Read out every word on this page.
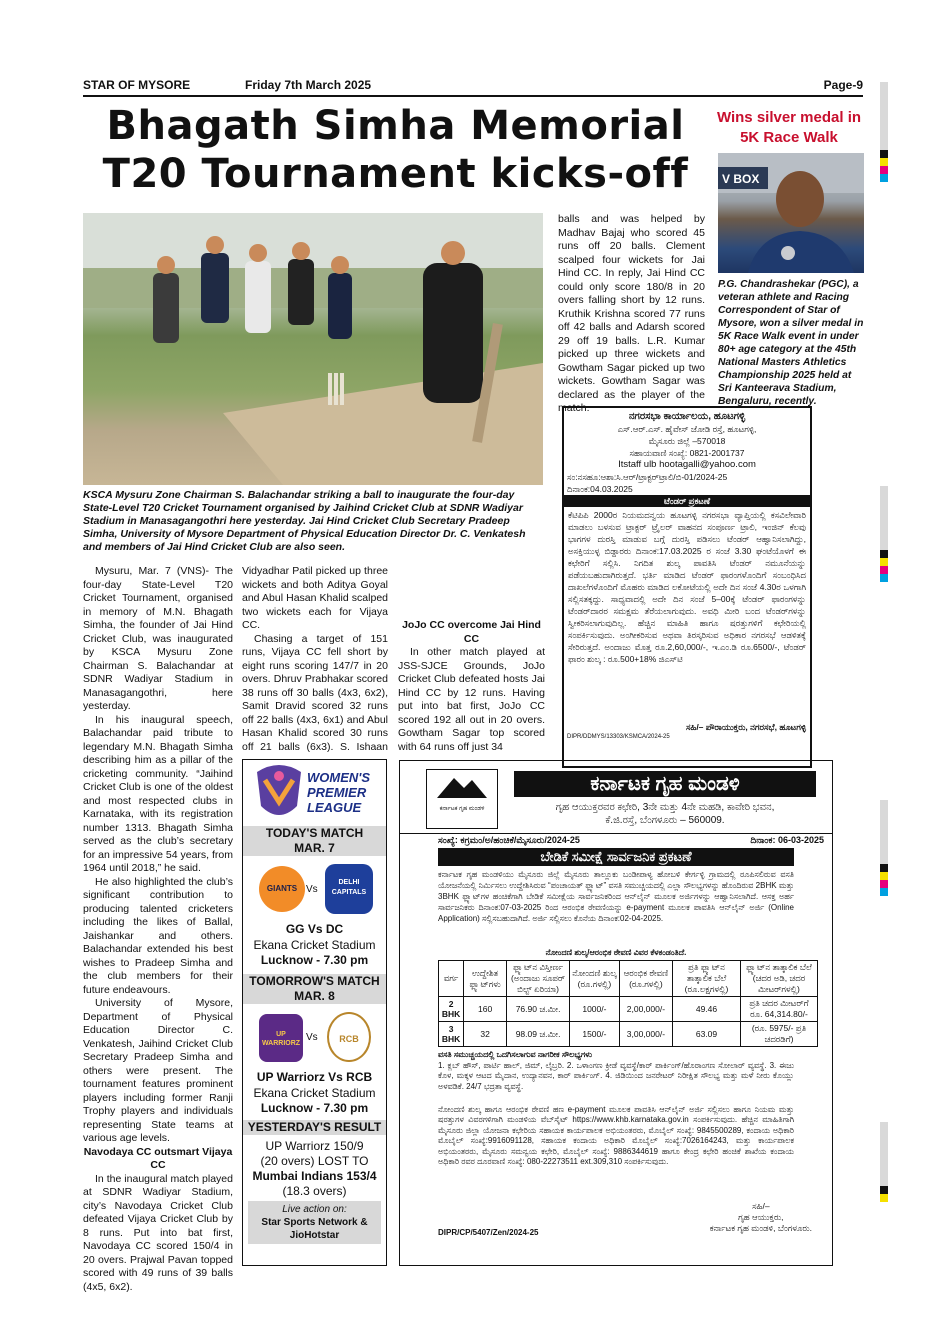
STAR OF MYSORE	Friday 7th March 2025	Page-9
Bhagath Simha Memorial
T20 Tournament kicks-off
KSCA Mysuru Zone Chairman S. Balachandar striking a ball to inaugurate the four-day State-Level T20 Cricket Tournament organised by Jaihind Cricket Club at SDNR Wadiyar Stadium in Manasagangothri here yesterday. Jai Hind Cricket Club Secretary Pradeep Simha, University of Mysore Department of Physical Education Director Dr. C. Venkatesh and members of Jai Hind Cricket Club are also seen.

Mysuru, Mar. 7 (VNS)- The four-day State-Level T20 Cricket Tournament, organised in memory of M.N. Bhagath Simha, the founder of Jai Hind Cricket Club, was inaugurated by KSCA Mysuru Zone Chairman S. Balachandar at SDNR Wadiyar Stadium in Manasagangothri, here yesterday.

In his inaugural speech, Balachandar paid tribute to legendary M.N. Bhagath Simha describing him as a pillar of the cricketing community. “Jaihind Cricket Club is one of the oldest and most respected clubs in Karnataka, with its registration number 1313. Bhagath Simha served as the club’s secretary for an impressive 54 years, from 1964 until 2018,” he said.

He also highlighted the club’s significant contribution to producing talented cricketers including the likes of Ballal, Jaishankar and others. Balachandar extended his best wishes to Pradeep Simha and the club members for their future endeavours.

University of Mysore, Department of Physical Education Director C. Venkatesh, Jaihind Cricket Club Secretary Pradeep Simha and others were present. The tournament features prominent players including former Ranji Trophy players and individuals representing State teams at various age levels.

Navodaya CC outsmart Vijaya CC

In the inaugural match played at SDNR Wadiyar Stadium, city’s Navodaya Cricket Club defeated Vijaya Cricket Club by 8 runs. Put into bat first, Navodaya CC scored 150/4 in 20 overs. Prajwal Pavan topped scored with 49 runs of 39 balls (4x5, 6x2).

Vidyadhar Patil picked up three wickets and both Aditya Goyal and Abul Hasan Khalid scalped two wickets each for Vijaya CC.

Chasing a target of 151 runs, Vijaya CC fell short by eight runs scoring 147/7 in 20 overs. Dhruv Prabhakar scored 38 runs off 30 balls (4x3, 6x2), Samit Dravid scored 32 runs off 22 balls (4x3, 6x1) and Abul Hasan Khalid scored 30 runs off 21 balls (6x3). S. Ishaan

JoJo CC overcome Jai Hind CC

In other match played at JSS-SJCE Grounds, JoJo Cricket Club defeated hosts Jai Hind CC by 12 runs. Having put into bat first, JoJo CC scored 192 all out in 20 overs. Gowtham Sagar top scored with 64 runs off just 34

balls and was helped by Madhav Bajaj who scored 45 runs off 20 balls. Clement scalped four wickets for Jai Hind CC. In reply, Jai Hind CC could only score 180/8 in 20 overs falling short by 12 runs. Kruthik Krishna scored 77 runs off 42 balls and Adarsh scored 29 off 19 balls. L.R. Kumar picked up three wickets and Gowtham Sagar picked up two wickets. Gowtham Sagar was declared as the player of the match.

Wins silver medal in 5K Race Walk
V BOX
P.G. Chandrashekar (PGC), a veteran athlete and Racing Correspondent of Star of Mysore, won a silver medal in 5K Race Walk event in under 80+ age category at the 45th National Masters Athletics Championship 2025 held at Sri Kanteerava Stadium, Bengaluru, recently.
ನಗರಸಭಾ ಕಾರ್ಯಾಲಯ, ಹೂಟಗಳ್ಳಿ
ಎಸ್.ಆರ್.ಎಸ್. ಹೈವೇಸ್ ಜೋಡಿ ರಸ್ತೆ, ಹೂಟಗಳ್ಳಿ,
ಮೈಸೂರು ಜಿಲ್ಲೆ –570018
ಸಹಾಯವಾಣಿ ಸಂಖ್ಯೆ: 0821-2001737
Itstaff ulb hootagalli@yahoo.com
ಸಂ:ನಸಹೂ:ಆಶಾ:ಸಿ.ಆರ್/ಟ್ರಾಕ್ಟರ್‌ಟ್ರಾಲಿ/ಬಿ-01/2024-25
ದಿನಾಂಕ:04.03.2025
ಟೆಂಡರ್ ಪ್ರಕಟಣೆ
ಕೆಟಿಪಿಪಿ 2000ರ ನಿಯಮದನ್ವಯ ಹೂಟಗಳ್ಳಿ ನಗರಸಭಾ ವ್ಯಾಪ್ತಿಯಲ್ಲಿ ಕಸವಿಲೇವಾರಿ ಮಾಡಲು ಬಳಸುವ ಟ್ರಾಕ್ಟರ್ ಟ್ರೈಲರ್ ವಾಹನದ ಸಂಪೂರ್ಣ ಟ್ರಾಲಿ, ಇಂಜಿನ್ ಕೆಲವು ಭಾಗಗಳ ದುರಸ್ತಿ ಮಾಡುವ ಬಗ್ಗೆ ದುರಸ್ತಿ ಪಡಿಸಲು ಟೆಂಡರ್ ಆಹ್ವಾನಿಸಲಾಗಿದ್ದು, ಅಸಕ್ತಿಯುಳ್ಳ ಬಿಡ್ದಾರರು ದಿನಾಂಕ:17.03.2025 ರ ಸಂಜೆ 3.30 ಘಂಟೆಯೊಳಗೆ ಈ ಕಛೇರಿಗೆ ಸಲ್ಲಿಸಿ. ನಿಗದಿತ ಶುಲ್ಕ ಪಾವತಿಸಿ ಟೆಂಡರ್ ನಮೂನೆಯನ್ನು ಪಡೆಯಬಹುದಾಗಿರುತ್ತದೆ. ಭರ್ತಿ ಮಾಡಿದ ಟೆಂಡರ್ ಫಾರಂಗಳೊಂದಿಗೆ ಸಂಬಂಧಿಸಿದ ದಾಖಲೆಗಳೊಂದಿಗೆ ಮೊಹರು ಮಾಡಿದ ಲಕೋಟೆಯಲ್ಲಿ ಅದೇ ದಿನ ಸಂಜೆ 4.30ರ ಒಳಗಾಗಿ ಸಲ್ಲಿಸತಕ್ಕದ್ದು. ಸಾಧ್ಯವಾದಲ್ಲಿ ಅದೇ ದಿನ ಸಂಜೆ 5–00ಕ್ಕೆ ಟೆಂಡರ್ ಫಾರಂಗಳನ್ನು ಟೆಂಡರ್‌ದಾರರ ಸಮಕ್ಷಮ ತೆರೆಯಲಾಗುವುದು. ಅವಧಿ ಮೀರಿ ಬಂದ ಟೆಂಡರ್‌ಗಳನ್ನು ಸ್ವೀಕರಿಸಲಾಗುವುದಿಲ್ಲ. ಹೆಚ್ಚಿನ ಮಾಹಿತಿ ಹಾಗೂ ಷರತ್ತುಗಳಿಗೆ ಕಛೇರಿಯಲ್ಲಿ ಸಂಪರ್ಕಿಸುವುದು. ಅಂಗೀಕರಿಸುವ ಅಥವಾ ತಿರಸ್ಕರಿಸುವ ಅಧಿಕಾರ ನಗರಸಭೆ ಆಡಳಿತಕ್ಕೆ ಸೇರಿರುತ್ತದೆ. ಅಂದಾಜು ಮೊತ್ತ ರೂ.2,60,000/-, ಇ.ಎಂ.ಡಿ ರೂ.6500/-, ಟೆಂಡರ್ ಫಾರಂ ಶುಲ್ಕ : ರೂ.500+18% ಜಿಎಸ್‌ಟಿ
ಸಹಿ/– ಪೌರಾಯುಕ್ತರು, ನಗರಸಭೆ, ಹೂಟಗಳ್ಳಿ
DIPR/DDMYS/13303/KSMCA/2024-25
WOMEN'S
PREMIER
LEAGUE
TODAY'S MATCH
MAR. 7
GIANTS Vs
DELHI CAPITALS
GG Vs DC
Ekana Cricket Stadium
Lucknow - 7.30 pm
TOMORROW'S MATCH
MAR. 8
UP WARRIORZ
Vs	RCB
UP Warriorz Vs RCB
Ekana Cricket Stadium
Lucknow - 7.30 pm
YESTERDAY'S RESULT
UP Warriorz 150/9
(20 overs) LOST TO
Mumbai Indians 153/4
(18.3 overs)
Live action on:
Star Sports Network &
JioHotstar
ಕರ್ನಾಟಕ ಗೃಹ ಮಂಡಳಿ
ಕರ್ನಾಟಕ ಗೃಹ ಮಂಡಳಿ
ಗೃಹ ಆಯುಕ್ತರವರ ಕಛೇರಿ, 3ನೇ ಮತ್ತು 4ನೇ ಮಹಡಿ, ಕಾವೇರಿ ಭವನ,
ಕೆ.ಜಿ.ರಸ್ತೆ, ಬೆಂಗಳೂರು – 560009.
ಸಂಖ್ಯೆ: ಕಗ್ರಮಂ/ಅ/ಹಂಚಿಕೆ/ಮೈಸೂರು/2024-25	ದಿನಾಂಕ: 06-03-2025
ಬೇಡಿಕೆ ಸಮೀಕ್ಷೆ ಸಾರ್ವಜನಿಕ ಪ್ರಕಟಣೆ
ಕರ್ನಾಟಕ ಗೃಹ ಮಂಡಳಿಯು ಮೈಸೂರು ಜಿಲ್ಲೆ ಮೈಸೂರು ತಾಲ್ಲೂಕು ಬಂಡೀಪಾಳ್ಯ ಹೋಬಳಿ ಕೇರ್ಗಳ್ಳಿ ಗ್ರಾಮದಲ್ಲಿ ರೂಪಿಸಲಿರುವ ವಸತಿ ಯೋಜನೆಯಲ್ಲಿ ನಿರ್ಮಿಸಲು ಉದ್ದೇಶಿಸಿರುವ “ಪಂಚಾಯತ್ ಫ್ಲ್ಯಾಟ್” ವಸತಿ ಸಮುಚ್ಚಯದಲ್ಲಿ ಎಲ್ಲಾ ಸೌಲಭ್ಯಗಳನ್ನು ಹೊಂದಿರುವ 2BHK ಮತ್ತು 3BHK ಫ್ಲ್ಯಾಟ್‌ಗಳ ಹಂಚಿಕೆಗಾಗಿ ಬೇಡಿಕೆ ಸಮೀಕ್ಷೆಯ ಸಾರ್ವಜನಿಕರಿಂದ ಆನ್‌ಲೈನ್ ಮೂಲಕ ಅರ್ಜಿಗಳನ್ನು ಆಹ್ವಾನಿಸಲಾಗಿದೆ. ಆಸಕ್ತ ಅರ್ಹ ಸಾರ್ವಜನಿಕರು ದಿನಾಂಕ:07-03-2025 ರಿಂದ ಆರಂಭಿಕ ಠೇವಣಿಯನ್ನು e-payment ಮೂಲಕ ಪಾವತಿಸಿ ಆನ್‌ಲೈನ್ ಅರ್ಜಿ (Online Application) ಸಲ್ಲಿಸಬಹುದಾಗಿದೆ. ಅರ್ಜಿ ಸಲ್ಲಿಸಲು ಕೊನೆಯ ದಿನಾಂಕ:02-04-2025.
ನೋಂದಣಿ ಶುಲ್ಕ/ಆರಂಭಿಕ ಠೇವಣಿ ವಿವರ ಕೆಳಕಂಡಂತಿದೆ.
ವರ್ಗ	ಉದ್ದೇಶಿತ ಫ್ಲ್ಯಾಟ್‌ಗಳು	ಫ್ಲ್ಯಾಟ್‌ನ ವಿಸ್ತೀರ್ಣ (ಅಂದಾಜು ಸೂಪರ್ ಬಿಲ್ಟ್ ಏರಿಯಾ)	ನೋಂದಣಿ ಶುಲ್ಕ (ರೂ.ಗಳಲ್ಲಿ)	ಆರಂಭಿಕ ಠೇವಣಿ (ರೂ.ಗಳಲ್ಲಿ)	ಪ್ರತಿ ಫ್ಲ್ಯಾಟ್‌ನ ತಾತ್ಕಾಲಿಕ ಬೆಲೆ (ರೂ.ಲಕ್ಷಗಳಲ್ಲಿ)	ಫ್ಲ್ಯಾಟ್‌ನ ತಾತ್ಕಾಲಿಕ ಬೆಲೆ (ಚದರ ಅಡಿ, ಚದರ ಮೀಟರ್‌ಗಳಲ್ಲಿ)
2 BHK	160	76.90 ಚ.ಮೀ.	1000/-	2,00,000/-	49.46	ಪ್ರತಿ ಚದರ ಮೀಟರ್‌ಗೆ ರೂ. 64,314.80/-
3 BHK	32	98.09 ಚ.ಮೀ.	1500/-	3,00,000/-	63.09	(ರೂ. 5975/- ಪ್ರತಿ ಚದರಡಿಗೆ)
ವಸತಿ ಸಮುಚ್ಚಯದಲ್ಲಿ ಒದಗಿಸಲಾಗುವ ನಾಗರೀಕ ಸೌಲಭ್ಯಗಳು
1. ಕ್ಲಬ್ ಹೌಸ್, ಪಾರ್ಟಿ ಹಾಲ್, ಜಿಮ್, ಲೈಬ್ರರಿ. 2. ಒಳಾಂಗಣ ಕ್ರೀಡೆ ವ್ಯವಸ್ಥೆ/ಕಾರ್ ಪಾರ್ಕಿಂಗ್/ಹೊರಾಂಗಣ ಸೋಲಾರ್ ವ್ಯವಸ್ಥೆ. 3. ಈಜು ಕೊಳ, ಮಕ್ಕಳ ಆಟದ ಮೈದಾನ, ಉದ್ಯಾನವನ, ಕಾರ್ ಪಾರ್ಕಿಂಗ್. 4. ಜಿಡಿಯಿಂದ ಜನರೇಟರ್ ನಿರೀಕ್ಷಿತ ಸೌಲಭ್ಯ ಮತ್ತು ಮಳೆ ನೀರು ಕೊಯ್ಲು ಅಳವಡಿಕೆ. 24/7 ಭದ್ರತಾ ವ್ಯವಸ್ಥೆ.
ನೋಂದಣಿ ಶುಲ್ಕ ಹಾಗೂ ಆರಂಭಿಕ ಠೇವಣಿ ಹಣ e-payment ಮೂಲಕ ಪಾವತಿಸಿ ಆನ್‌ಲೈನ್ ಅರ್ಜಿ ಸಲ್ಲಿಸಲು ಹಾಗೂ ನಿಯಮ ಮತ್ತು ಷರತ್ತುಗಳ ವಿವರಗಳಿಗಾಗಿ ಮಂಡಳಿಯ ವೆಬ್‌ಸೈಟ್ https://www.khb.karnataka.gov.in ಸಂಪರ್ಕಿಸುವುದು. ಹೆಚ್ಚಿನ ಮಾಹಿತಿಗಾಗಿ ಮೈಸೂರು ಜಿಲ್ಲಾ ಯೋಜನಾ ಕಛೇರಿಯ ಸಹಾಯಕ ಕಾರ್ಯಪಾಲಕ ಅಭಿಯಂತರರು, ಮೊಬೈಲ್ ಸಂಖ್ಯೆ: 9845500289, ಕಂದಾಯ ಅಧಿಕಾರಿ ಮೊಬೈಲ್ ಸಂಖ್ಯೆ:9916091128, ಸಹಾಯಕ ಕಂದಾಯ ಅಧಿಕಾರಿ ಮೊಬೈಲ್ ಸಂಖ್ಯೆ:7026164243, ಮತ್ತು ಕಾರ್ಯಪಾಲಕ ಅಭಿಯಂತರರು, ಮೈಸೂರು ಸಮನ್ವಯ ಕಛೇರಿ, ಮೊಬೈಲ್ ಸಂಖ್ಯೆ: 9886344619 ಹಾಗೂ ಕೇಂದ್ರ ಕಛೇರಿ ಹಂಚಿಕೆ ಶಾಖೆಯ ಕಂದಾಯ ಅಧಿಕಾರಿ ರವರ ದೂರವಾಣಿ ಸಂಖ್ಯೆ: 080-22273511 ext.309,310 ಸಂಪರ್ಕಿಸುವುದು.
ಸಹಿ/–
ಗೃಹ ಆಯುಕ್ತರು,
ಕರ್ನಾಟಕ ಗೃಹ ಮಂಡಳಿ, ಬೆಂಗಳೂರು.
DIPR/CP/5407/Zen/2024-25
